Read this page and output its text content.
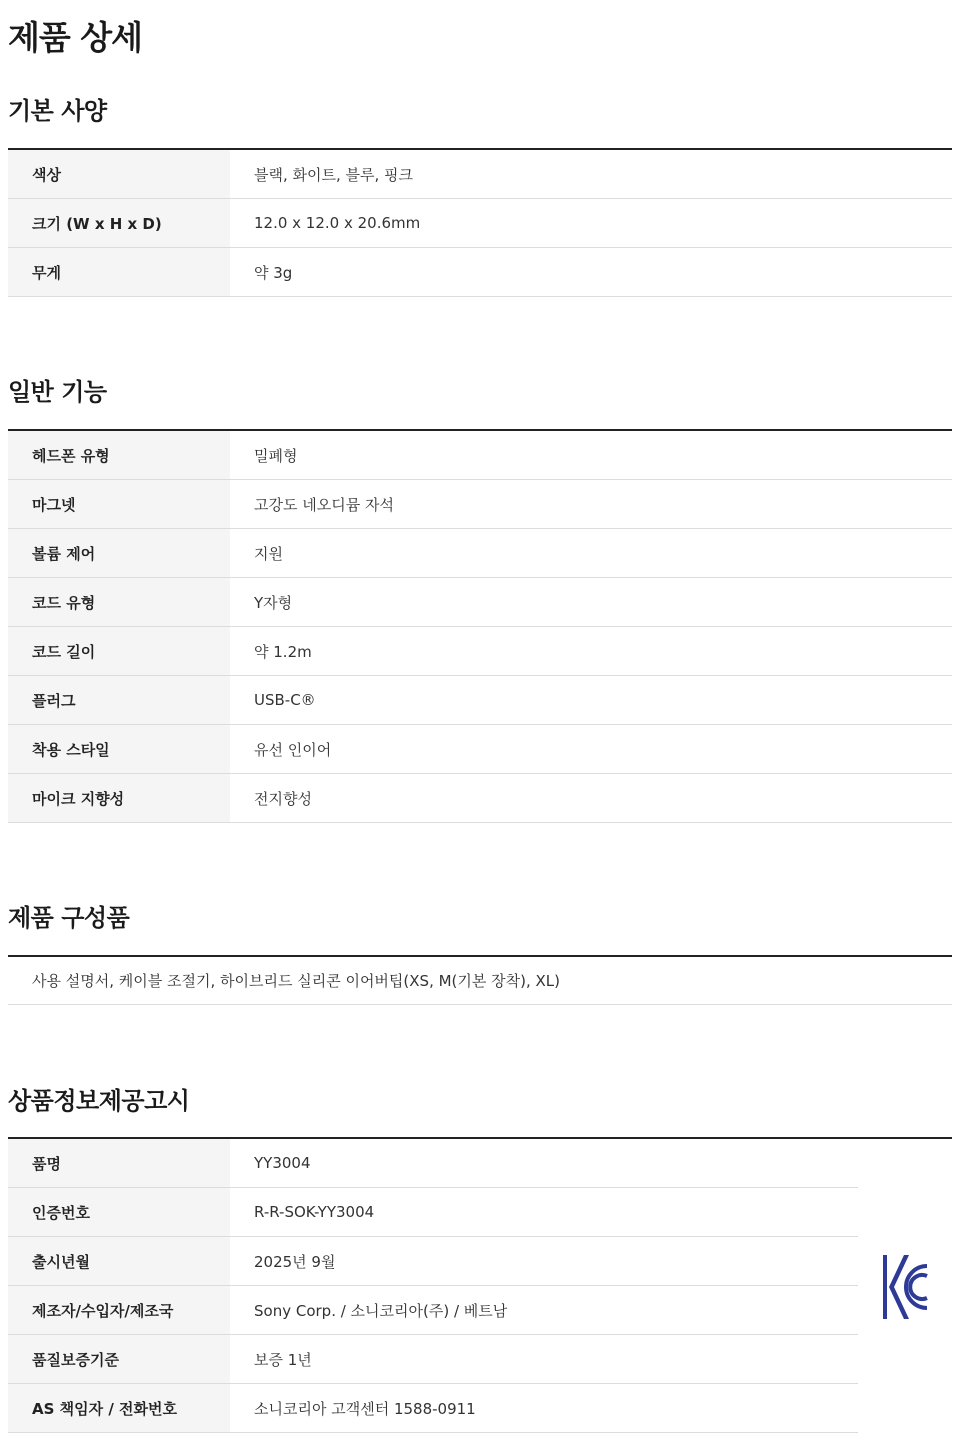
제품 상세
기본 사양
색상	블랙, 화이트, 블루, 핑크
크기 (W x H x D)	12.0 x 12.0 x 20.6mm
무게	약 3g
일반 기능
헤드폰 유형	밀폐형
마그넷	고강도 네오디뮴 자석
볼륨 제어	지원
코드 유형	Y자형
코드 길이	약 1.2m
플러그	USB-C®
착용 스타일	유선 인이어
마이크 지향성	전지향성
제품 구성품
사용 설명서, 케이블 조절기, 하이브리드 실리콘 이어버팁(XS, M(기본 장착), XL)
상품정보제공고시
품명	YY3004
인증번호	R-R-SOK-YY3004
출시년월	2025년 9월
제조자/수입자/제조국	Sony Corp. / 소니코리아(주) / 베트남
품질보증기준	보증 1년
AS 책임자 / 전화번호	소니코리아 고객센터 1588-0911
